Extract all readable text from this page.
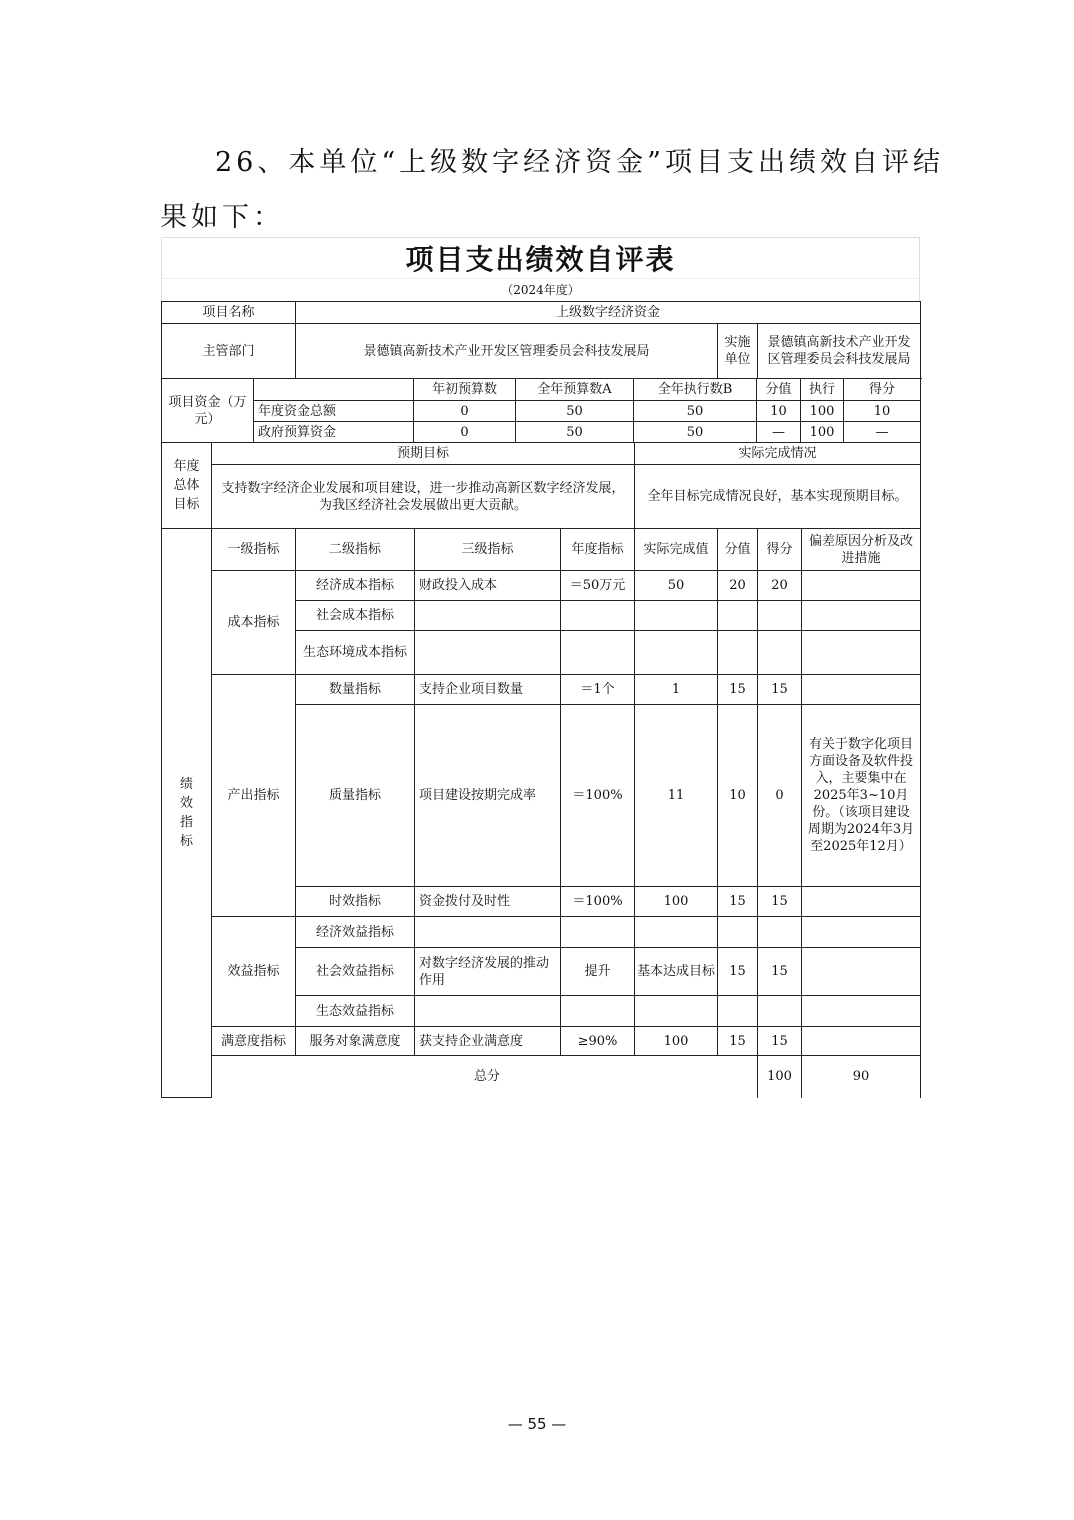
26、本单位“上级数字经济资金”项目支出绩效自评结
果如下：
项目支出绩效自评表
（2024年度）
项目名称	上级数字经济资金		
主管部门	景德镇高新技术产业开发区管理委员会科技发展局	实施单位	景德镇高新技术产业开发区管理委员会科技发展局
项目资金（万元）		年初预算数	全年预算数A	全年执行数B	分值	执行	得分
	年度资金总额	0	50	50	10	100	10
	政府预算资金	0	50	50	—	100	—
年度总体目标	预期目标	实际完成情况
	支持数字经济企业发展和项目建设，进一步推动高新区数字经济发展，为我区经济社会发展做出更大贡献。	全年目标完成情况良好，基本实现预期目标。
绩效指标	一级指标	二级指标	三级指标	年度指标	实际完成值	分值	得分	偏差原因分析及改进措施	
	成本指标	经济成本指标	财政投入成本	＝50万元	50	20	20		
		社会成本指标							
		生态环境成本指标							
	产出指标	数量指标	支持企业项目数量	＝1个	1	15	15		
		质量指标	项目建设按期完成率	＝100%	11	10	0	有关于数字化项目方面设备及软件投入，主要集中在2025年3~10月份。（该项目建设周期为2024年3月至2025年12月）	
		时效指标	资金拨付及时性	＝100%	100	15	15		
	效益指标	经济效益指标							
		社会效益指标	对数字经济发展的推动作用	提升	基本达成目标	15	15		
		生态效益指标							
	满意度指标	服务对象满意度	获支持企业满意度	≥90%	100	15	15		
	总分						100	90	
— 55 —
